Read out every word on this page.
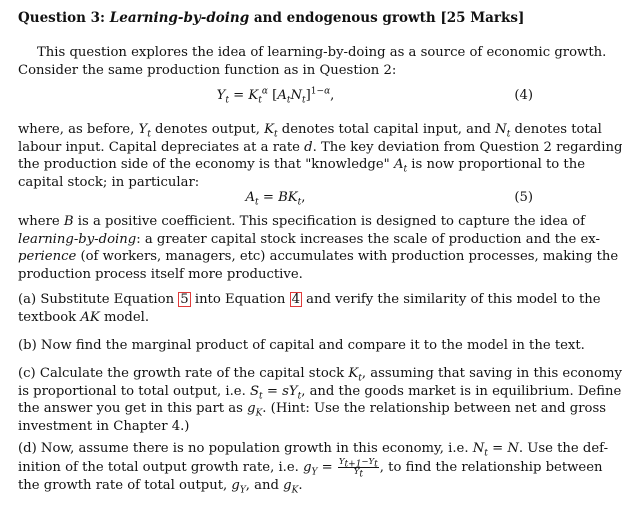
Question 3: Learning-by-doing and endogenous growth [25 Marks]

This question explores the idea of learning-by-doing as a source of economic growth.

Consider the same production function as in Question 2:

$Y_t = K_t^\alpha$ $[A_tN_t]^{1-\alpha}$,	(4)

where, as before, $Y_t$ denotes output, $K_t$ denotes total capital input, and $N_t$ denotes total

labour input. Capital depreciates at a rate d. The key deviation from Question 2 regarding

the production side of the economy is that "knowledge" $A_t$ is now proportional to the

capital stock; in particular:

$A_t = BK_t$,	(5)

where B is a positive coefficient. This specification is designed to capture the idea of

learning-by-doing: a greater capital stock increases the scale of production and the ex-

perience (of workers, managers, etc) accumulates with production processes, making the

production process itself more productive.

(a) Substitute Equation 5 into Equation 4 and verify the similarity of this model to the

textbook AK model.

(b) Now find the marginal product of capital and compare it to the model in the text.

(c) Calculate the growth rate of the capital stock $K_t$, assuming that saving in this economy

is proportional to total output, i.e. $S_t = sY_t$, and the goods market is in equilibrium. Define

the answer you get in this part as $g_K$. (Hint: Use the relationship between net and gross

investment in Chapter 4.)

(d) Now, assume there is no population growth in this economy, i.e. $N_t = N$. Use the def-

inition of the total output growth rate, i.e. $g_Y = \frac{Y_{t+1}-Y_t}{Y_t}$ , to find the relationship between

the growth rate of total output, $g_Y$, and $g_K$.
